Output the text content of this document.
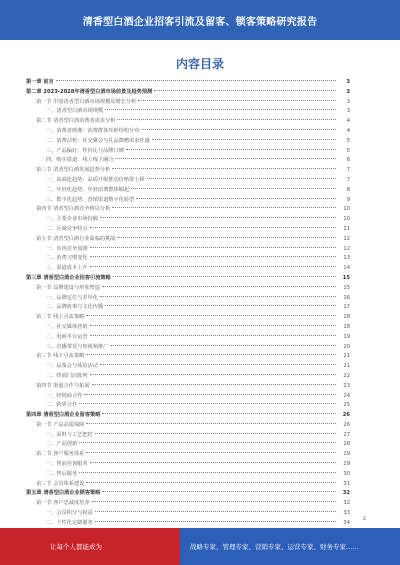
清香型白酒企业招客引流及留客、锁客策略研究报告
内容目录
第一章 前言	3
第二章 2023-2028年清香型白酒市场前景及趋势预测	3
第一节 中国清香型白酒市场规模及增长分析	3
一、清香型白酒市场规模	3
第二节 清香型白酒消费者需求分析	4
一、消费者画像：消费群体年龄结构分布	4
二、消费动机：社交聚会与礼品馈赠需求旺盛	5
三、产品偏好：性价比与品牌口碑	5
四、购买渠道：线上线下融合	6
第三节 清香型白酒发展趋势分析	7
一、高端化趋势：品质升级推动价格带上移	7
二、年轻化趋势：年轻消费群体崛起	8
三、数字化趋势：营销渠道数字化转型	9
第四节 清香型白酒竞争格局分析	10
一、主要企业市场份额	10
二、区域竞争特点	11
第五节 清香型白酒行业面临的挑战	12
一、市场竞争加剧	12
二、消费习惯变化	13
三、渠道成本上升	14
第三章 清香型白酒企业招客引流策略	15
第一节 品牌建设与形象塑造	15
一、品牌定位与差异化	16
二、品牌故事与文化传播	17
第二节 线上引流策略	18
一、社交媒体营销	18
二、电商平台运营	19
三、直播带货与短视频推广	20
第三节 线下引流策略	21
一、品鉴会与体验活动	21
二、终端门店陈列	22
第四节 渠道合作与拓展	23
一、经销商合作	24
二、跨界合作	25
第四章 清香型白酒企业留客策略	26
第一节 产品品质保障	26
一、原料与工艺把控	27
二、产品创新	28
第二节 客户服务体系	29
一、售前咨询服务	29
二、售后服务	30
第三节 会员体系建设	31
第五章 清香型白酒企业锁客策略	32
第一节 客户忠诚度培养	32
一、会员积分与权益	33
二、个性化定制服务	34
2
让每个人都能成为	战略专家、管理专家、营销专家、运营专家、财务专家……
